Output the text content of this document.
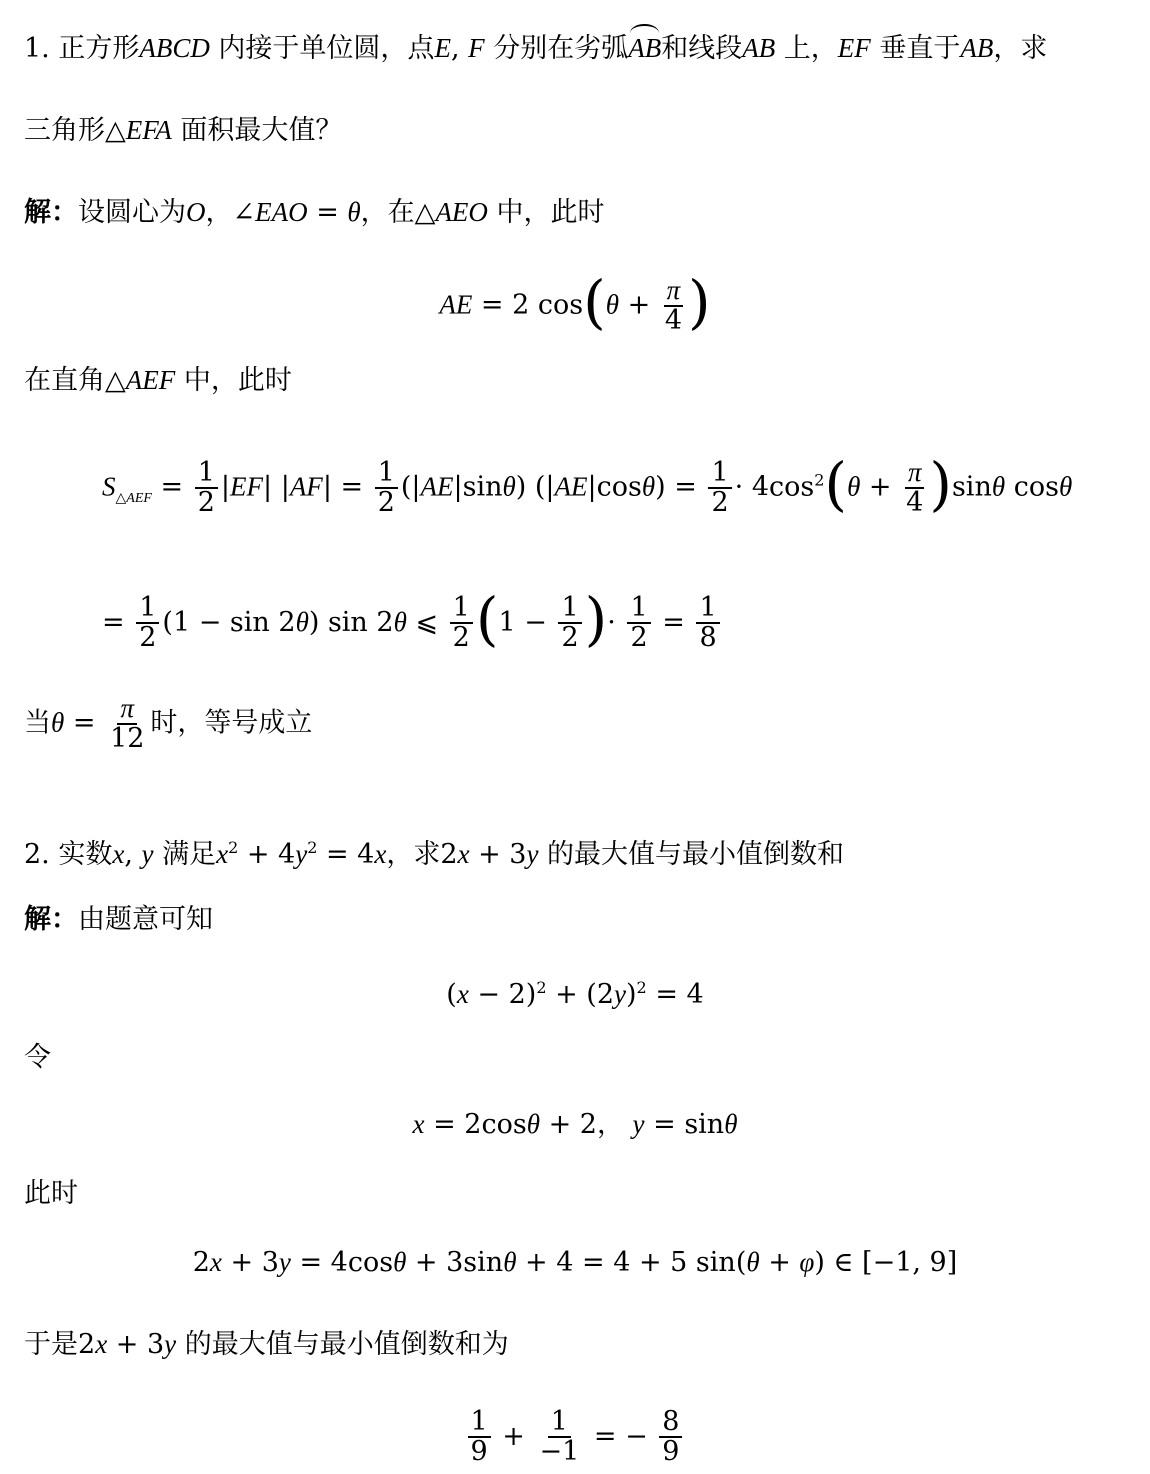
1. 正方形ABCD 内接于单位圆，点E, F 分别在劣弧AB和线段AB 上，EF 垂直于AB，求
三角形△EFA 面积最大值？
解：设圆心为O，∠EAO = θ，在△AEO 中，此时
AE = 2 $\cos(\theta + \frac{\pi}{4}$ )
在直角△AEF 中，此时
$S_{\triangle AEF} = \frac{1}{2} |EF|$ $|AF| = \frac{1}{2} (|AE|\sin\theta) (|AE|\cos\theta) = \frac{1}{2} \cdot 4\cos^2(\theta + \frac{\pi}{4} )\sin\theta$ cosθ
= $\frac{1}{2} (1 - \sin 2\theta)$ sin 2θ ⩽ $\frac{1}{2} (1 - \frac{1}{2}$ )· $\frac{1}{2} = \frac{1}{8}$
当$\theta = \frac{\pi}{12}$ 时，等号成立
2. 实数x, y 满足$x^2 + 4y^2 = 4x$，求2x + 3y 的最大值与最小值倒数和
解：由题意可知
$(x - 2)^2 + (2y)^2 = 4$
令
x = 2cosθ + 2， y = sinθ
此时
2x + 3y = 4cosθ + 3sinθ + 4 = 4 + 5 sin(θ + φ) ∈ [−1, 9]
于是2x + 3y 的最大值与最小值倒数和为
$\frac{1}{9} + \frac{1}{-1}$ = − $\frac{8}{9}$
